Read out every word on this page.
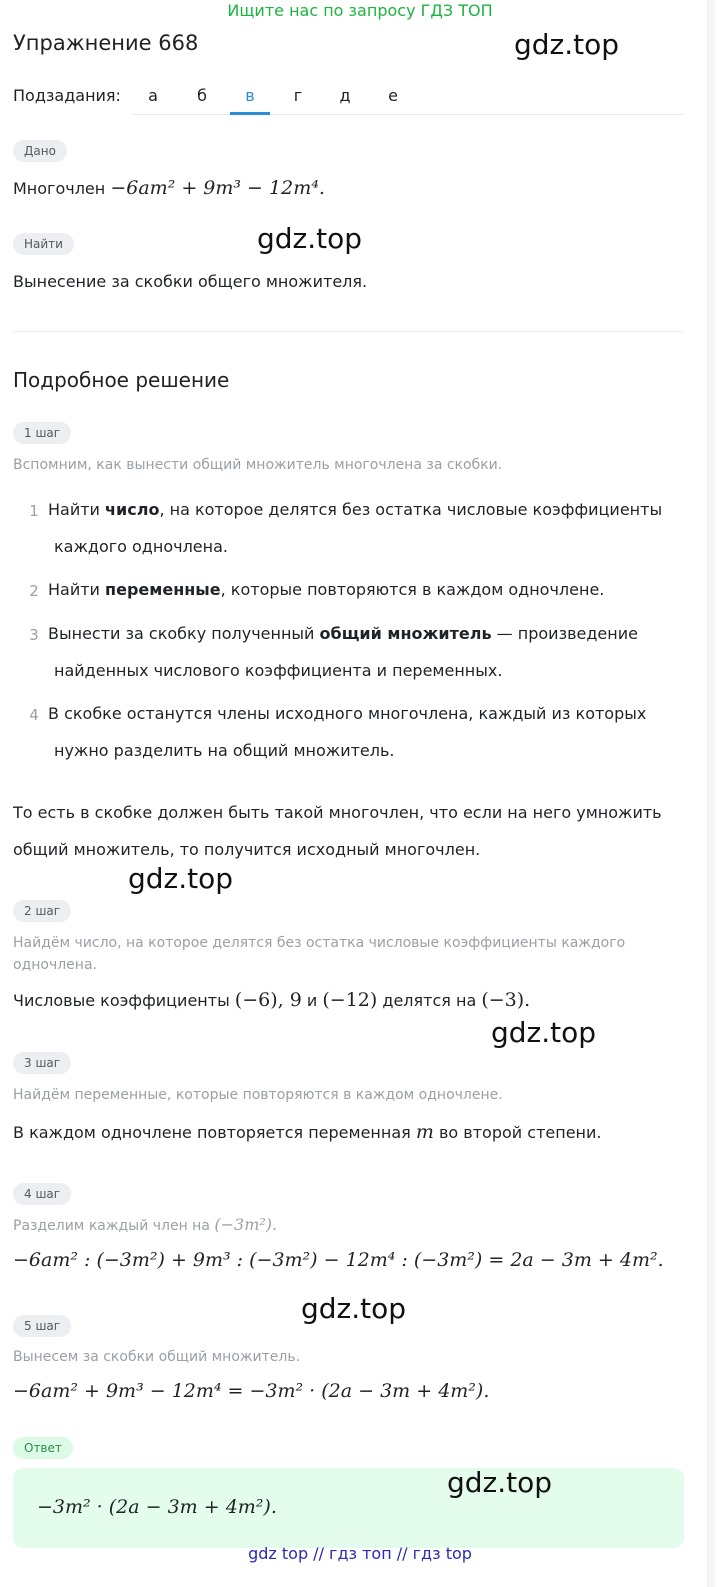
Ищите нас по запросу ГДЗ ТОП
Упражнение 668	gdz.top
Подзадания:	а	б	в	г	д	е
Дано
Многочлен −6am² + 9m³ − 12m⁴.
Найти	gdz.top
Вынесение за скобки общего множителя.
Подробное решение
1 шаг
Вспомним, как вынести общий множитель многочлена за скобки.
1 Найти число, на которое делятся без остатка числовые коэффициенты
каждого одночлена.
2 Найти переменные, которые повторяются в каждом одночлене.
3 Вынести за скобку полученный общий множитель — произведение
найденных числового коэффициента и переменных.
4 В скобке останутся члены исходного многочлена, каждый из которых
нужно разделить на общий множитель.
То есть в скобке должен быть такой многочлен, что если на него умножить
общий множитель, то получится исходный многочлен.
gdz.top
2 шаг
Найдём число, на которое делятся без остатка числовые коэффициенты каждого
одночлена.
Числовые коэффициенты (−6), 9 и (−12) делятся на (−3).
gdz.top
3 шаг
Найдём переменные, которые повторяются в каждом одночлене.
В каждом одночлене повторяется переменная m во второй степени.
4 шаг
Разделим каждый член на (−3m²).
−6am² : (−3m²) + 9m³ : (−3m²) − 12m⁴ : (−3m²) = 2a − 3m + 4m².
gdz.top
5 шаг
Вынесем за скобки общий множитель.
−6am² + 9m³ − 12m⁴ = −3m² · (2a − 3m + 4m²).
Ответ
−3m² · (2a − 3m + 4m²).
gdz.top
gdz top // гдз топ // гдз top
